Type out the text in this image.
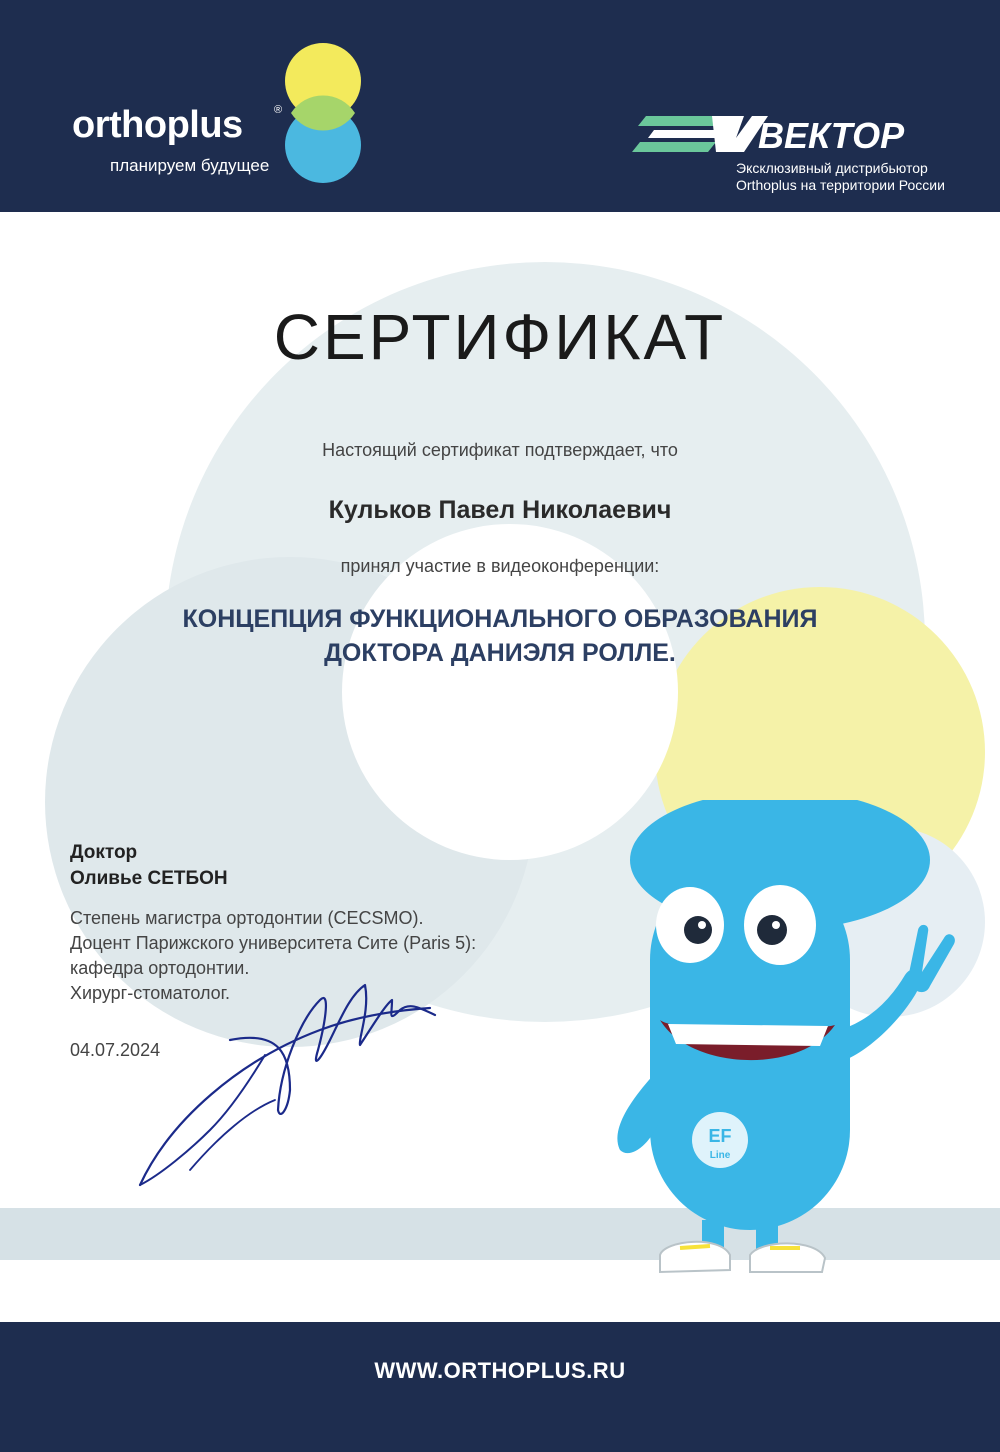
orthoplus	®
планируем будущее
ВЕКТОР
Эксклюзивный дистрибьютор
Orthoplus на территории России
СЕРТИФИКАТ
Настоящий сертификат подтверждает, что
Кульков Павел Николаевич
принял участие в видеоконференции:
КОНЦЕПЦИЯ ФУНКЦИОНАЛЬНОГО ОБРАЗОВАНИЯ
ДОКТОРА ДАНИЭЛЯ РОЛЛЕ.
Доктор
Оливье СЕТБОН
Степень магистра ортодонтии (CECSMO).
Доцент Парижского университета Сите (Paris 5):
кафедра ортодонтии.
Хирург-стоматолог.
04.07.2024
EF
Line
WWW.ORTHOPLUS.RU
